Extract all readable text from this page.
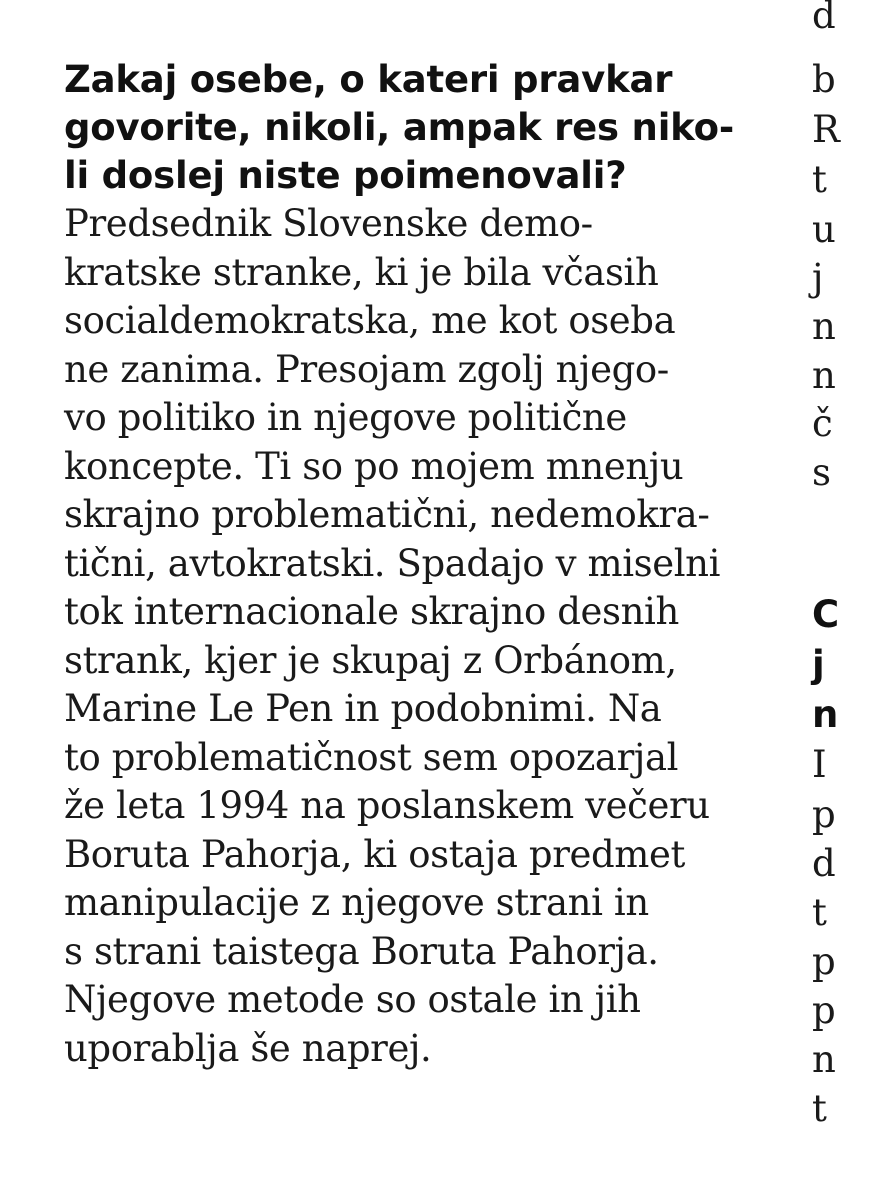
Zakaj osebe, o kateri pravkar
govorite, nikoli, ampak res niko-
li doslej niste poimenovali?

Predsednik Slovenske demo-
kratske stranke, ki je bila včasih
socialdemokratska, me kot oseba
ne zanima. Presojam zgolj njego-
vo politiko in njegove politične
koncepte. Ti so po mojem mnenju
skrajno problematični, nedemokra-
tični, avtokratski. Spadajo v miselni
tok internacionale skrajno desnih
strank, kjer je skupaj z Orbánom,
Marine Le Pen in podobnimi. Na
to problematičnost sem opozarjal
že leta 1994 na poslanskem večeru
Boruta Pahorja, ki ostaja predmet
manipulacije z njegove strani in
s strani taistega Boruta Pahorja.
Njegove metode so ostale in jih
uporablja še naprej.

d
b
R
t
u
j
n
n
č
s
C
j
n
I
p
d
t
p
p
n
t
